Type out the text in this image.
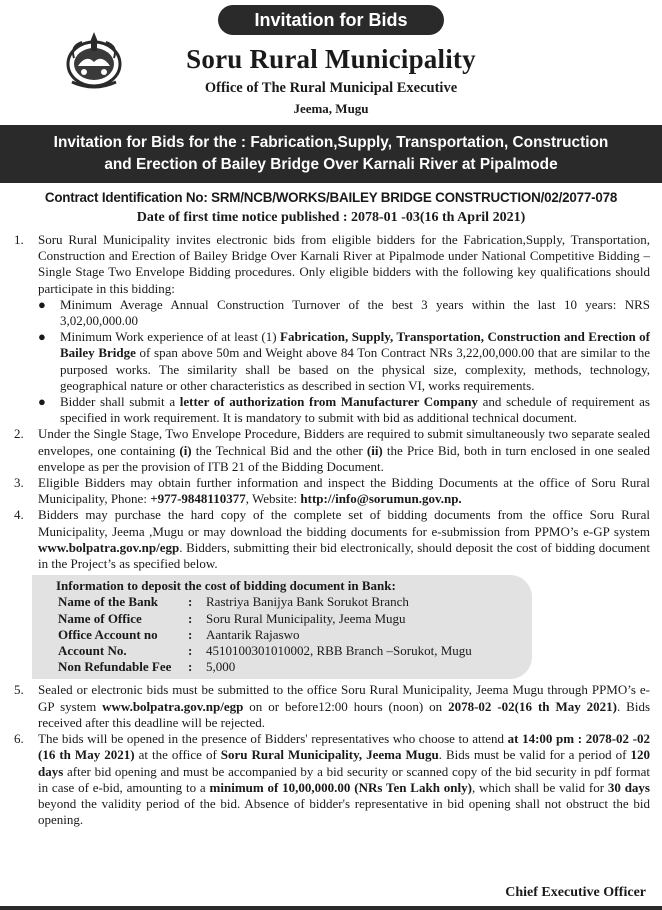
Invitation for Bids
Soru Rural Municipality
Office of The Rural Municipal Executive
Jeema, Mugu
Invitation for Bids for the : Fabrication,Supply, Transportation, Construction
and Erection of Bailey Bridge Over Karnali River at Pipalmode
Contract Identification No: SRM/NCB/WORKS/BAILEY BRIDGE CONSTRUCTION/02/2077-078
Date of first time notice published : 2078-01 -03(16 th April 2021)
1. Soru Rural Municipality invites electronic bids from eligible bidders for the Fabrication,Supply, Transportation, Construction and Erection of Bailey Bridge Over Karnali River at Pipalmode under National Competitive Bidding – Single Stage Two Envelope Bidding procedures. Only eligible bidders with the following key qualifications should participate in this bidding:
● Minimum Average Annual Construction Turnover of the best 3 years within the last 10 years: NRS 3,02,00,000.00
● Minimum Work experience of at least (1) Fabrication, Supply, Transportation, Construction and Erection of Bailey Bridge of span above 50m and Weight above 84 Ton Contract NRs 3,22,00,000.00 that are similar to the purposed works. The similarity shall be based on the physical size, complexity, methods, technology, geographical nature or other characteristics as described in section VI, works requirements.
● Bidder shall submit a letter of authorization from Manufacturer Company and schedule of requirement as specified in work requirement. It is mandatory to submit with bid as additional technical document.
2. Under the Single Stage, Two Envelope Procedure, Bidders are required to submit simultaneously two separate sealed envelopes, one containing (i) the Technical Bid and the other (ii) the Price Bid, both in turn enclosed in one sealed envelope as per the provision of ITB 21 of the Bidding Document.
3. Eligible Bidders may obtain further information and inspect the Bidding Documents at the office of Soru Rural Municipality, Phone: +977-9848110377, Website: http://info@sorumun.gov.np.
4. Bidders may purchase the hard copy of the complete set of bidding documents from the office Soru Rural Municipality, Jeema ,Mugu or may download the bidding documents for e-submission from PPMO’s e-GP system www.bolpatra.gov.np/egp. Bidders, submitting their bid electronically, should deposit the cost of bidding document in the Project’s as specified below.
Information to deposit the cost of bidding document in Bank:
Name of the Bank	:	Rastriya Banijya Bank Sorukot Branch
Name of Office	:	Soru Rural Municipality, Jeema Mugu
Office Account no	:	Aantarik Rajaswo
Account No.	:	4510100301010002, RBB Branch –Sorukot, Mugu
Non Refundable Fee	:	5,000
5. Sealed or electronic bids must be submitted to the office Soru Rural Municipality, Jeema Mugu through PPMO’s e-GP system www.bolpatra.gov.np/egp on or before12:00 hours (noon) on 2078-02 -02(16 th May 2021). Bids received after this deadline will be rejected.
6. The bids will be opened in the presence of Bidders' representatives who choose to attend at 14:00 pm : 2078-02 -02 (16 th May 2021) at the office of Soru Rural Municipality, Jeema Mugu. Bids must be valid for a period of 120 days after bid opening and must be accompanied by a bid security or scanned copy of the bid security in pdf format in case of e-bid, amounting to a minimum of 10,00,000.00 (NRs Ten Lakh only), which shall be valid for 30 days beyond the validity period of the bid. Absence of bidder's representative in bid opening shall not obstruct the bid opening.
Chief Executive Officer
